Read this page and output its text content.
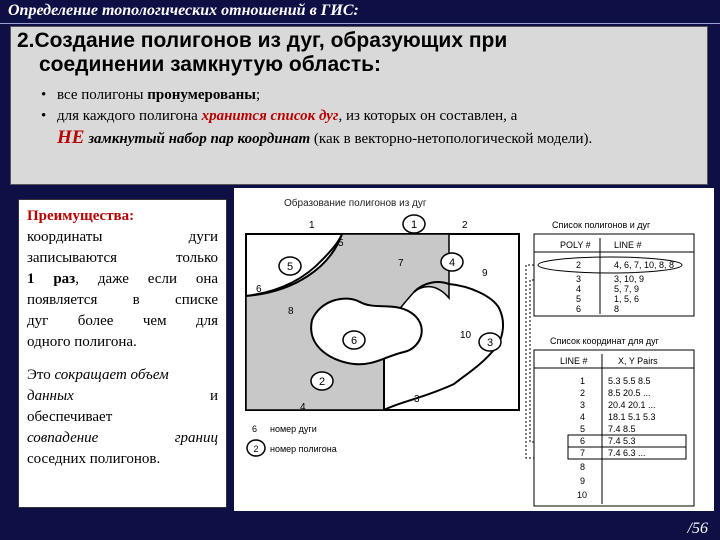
Определение топологических отношений в ГИС:
2.Создание полигонов из дуг, образующих при
соединении замкнутую область:
• все полигоны пронумерованы;
• для каждого полигона хранится список дуг, из которых он составлен, а
НЕ замкнутый набор пар координат (как в векторно-нетопологической модели).

Преимущества:

координаты дуги

записываются только

1 раз, даже если она

появляется в списке

дуг более чем для

одного полигона.

Это сокращает объем

данных	и

обеспечивает

совпадение границ

соседних полигонов.

Образование полигонов из дуг
1	2
3
4
5
6
7
8
9
10
1
2
3
4
5
6
6 номер дуги
2 номер полигона
Список полигонов и дуг
POLY #	LINE #
2	4, 6, 7, 10, 8, 8
3	3, 10, 9
4	5, 7, 9
5	1, 5, 6
6	8
Список координат для дуг
LINE #	X, Y Pairs
1	5.3 5.5 8.5
2	8.5 20.5 ...
3	20.4 20.1 ...
4	18.1 5.1 5.3
5	7.4 8.5
6	7.4 5.3
7	7.4 6.3 ...
8
9
10
/56
